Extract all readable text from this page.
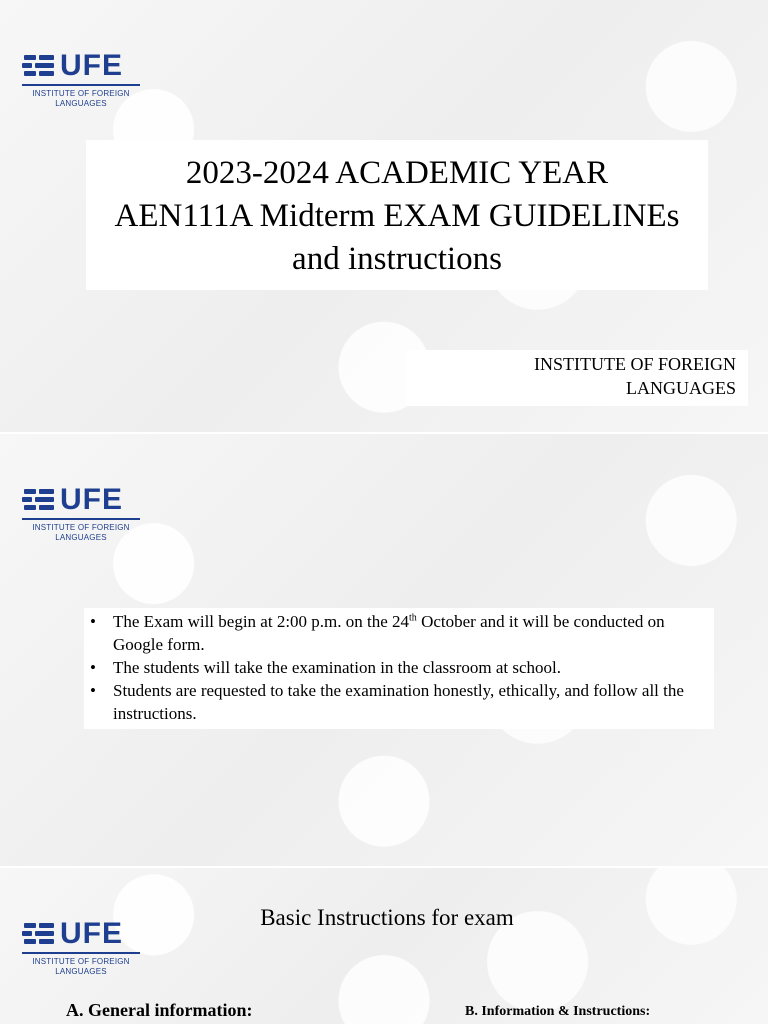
UFE
INSTITUTE OF FOREIGN
LANGUAGES
2023-2024 ACADEMIC YEAR
AEN111A Midterm EXAM GUIDELINEs
and instructions
INSTITUTE OF FOREIGN
LANGUAGES
UFE
INSTITUTE OF FOREIGN
LANGUAGES
• The Exam will begin at 2:00 p.m. on the 24th October and it will be conducted on Google form.
• The students will take the examination in the classroom at school.
• Students are requested to take the examination honestly, ethically, and follow all the instructions.
UFE
INSTITUTE OF FOREIGN
LANGUAGES
Basic Instructions for exam
A. General information:	B. Information & Instructions:
